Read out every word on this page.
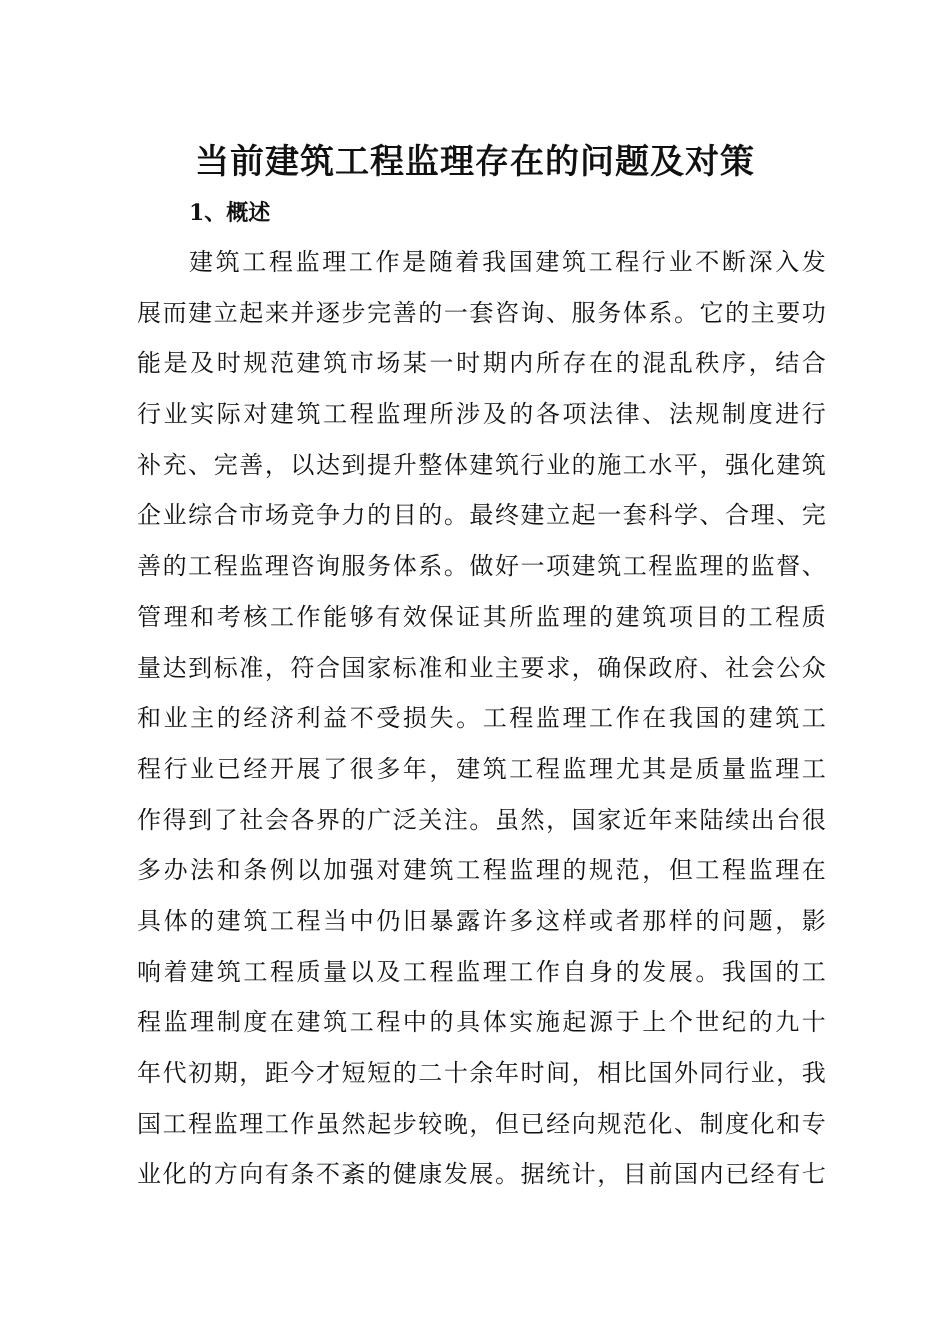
当前建筑工程监理存在的问题及对策
1、概述
建筑工程监理工作是随着我国建筑工程行业不断深入发
展而建立起来并逐步完善的一套咨询、服务体系。它的主要功
能是及时规范建筑市场某一时期内所存在的混乱秩序，结合
行业实际对建筑工程监理所涉及的各项法律、法规制度进行
补充、完善，以达到提升整体建筑行业的施工水平，强化建筑
企业综合市场竞争力的目的。最终建立起一套科学、合理、完
善的工程监理咨询服务体系。做好一项建筑工程监理的监督、
管理和考核工作能够有效保证其所监理的建筑项目的工程质
量达到标准，符合国家标准和业主要求，确保政府、社会公众
和业主的经济利益不受损失。工程监理工作在我国的建筑工
程行业已经开展了很多年，建筑工程监理尤其是质量监理工
作得到了社会各界的广泛关注。虽然，国家近年来陆续出台很
多办法和条例以加强对建筑工程监理的规范，但工程监理在
具体的建筑工程当中仍旧暴露许多这样或者那样的问题，影
响着建筑工程质量以及工程监理工作自身的发展。我国的工
程监理制度在建筑工程中的具体实施起源于上个世纪的九十
年代初期，距今才短短的二十余年时间，相比国外同行业，我
国工程监理工作虽然起步较晚，但已经向规范化、制度化和专
业化的方向有条不紊的健康发展。据统计，目前国内已经有七
